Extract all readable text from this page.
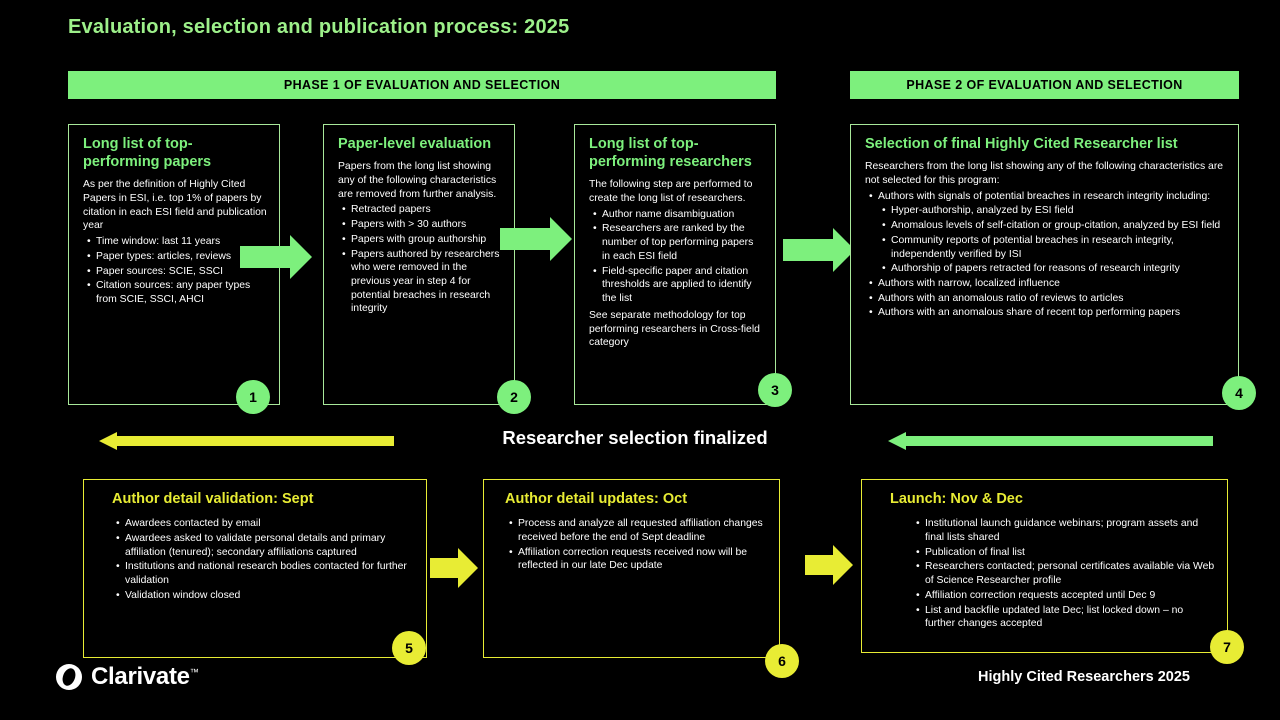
Evaluation, selection and publication process: 2025
PHASE 1 OF EVALUATION AND SELECTION	PHASE 2 OF EVALUATION AND SELECTION
Long list of top-performing papers

As per the definition of Highly Cited Papers in ESI, i.e. top 1% of papers by citation in each ESI field and publication year

• Time window: last 11 years
• Paper types: articles, reviews
• Paper sources: SCIE, SSCI
• Citation sources: any paper types from SCIE, SSCI, AHCI
1
Paper-level evaluation

Papers from the long list showing any of the following characteristics are removed from further analysis.

• Retracted papers
• Papers with > 30 authors
• Papers with group authorship
• Papers authored by researchers who were removed in the previous year in step 4 for potential breaches in research integrity
2
Long list of top-performing researchers

The following step are performed to create the long list of researchers.

• Author name disambiguation
• Researchers are ranked by the number of top performing papers in each ESI field
• Field-specific paper and citation thresholds are applied to identify the list

See separate methodology for top performing researchers in Cross-field category

3
Selection of final Highly Cited Researcher list

Researchers from the long list showing any of the following characteristics are not selected for this program:

• Authors with signals of potential breaches in research integrity including:
• Hyper-authorship, analyzed by ESI field
• Anomalous levels of self-citation or group-citation, analyzed by ESI field
• Community reports of potential breaches in research integrity, independently verified by ISI
• Authorship of papers retracted for reasons of research integrity
• Authors with narrow, localized influence
• Authors with an anomalous ratio of reviews to articles
• Authors with an anomalous share of recent top performing papers
4
Researcher selection finalized
Author detail validation: Sept
• Awardees contacted by email
• Awardees asked to validate personal details and primary affiliation (tenured); secondary affiliations captured
• Institutions and national research bodies contacted for further validation
• Validation window closed
5
Author detail updates: Oct
• Process and analyze all requested affiliation changes received before the end of Sept deadline
• Affiliation correction requests received now will be reflected in our late Dec update
6
Launch: Nov & Dec
• Institutional launch guidance webinars; program assets and final lists shared
• Publication of final list
• Researchers contacted; personal certificates available via Web of Science Researcher profile
• Affiliation correction requests accepted until Dec 9
• List and backfile updated late Dec; list locked down – no further changes accepted
7
Clarivate™	Highly Cited Researchers 2025
